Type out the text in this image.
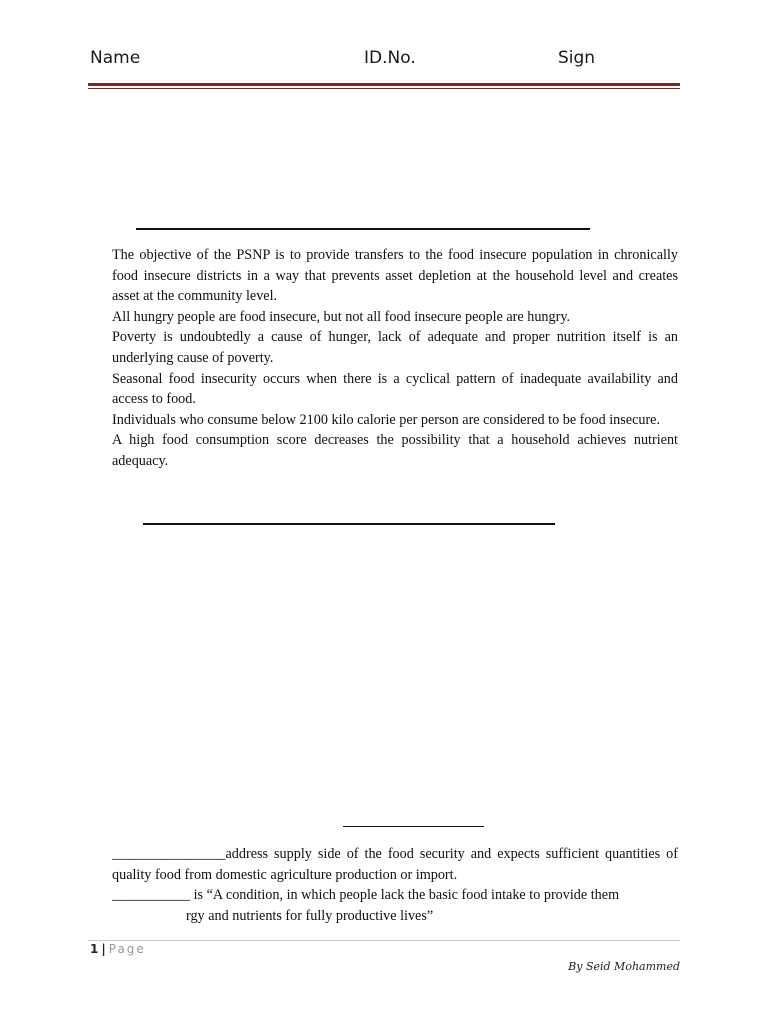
Name	ID.No.	Sign

The objective of the PSNP is to provide transfers to the food insecure population in chronically food insecure districts in a way that prevents asset depletion at the household level and creates asset at the community level.

All hungry people are food insecure, but not all food insecure people are hungry.

Poverty is undoubtedly a cause of hunger, lack of adequate and proper nutrition itself is an underlying cause of poverty.

Seasonal food insecurity occurs when there is a cyclical pattern of inadequate availability and access to food.

Individuals who consume below 2100 kilo calorie per person are considered to be food insecure.

A high food consumption score decreases the possibility that a household achieves nutrient adequacy.

________________address supply side of the food security and expects sufficient quantities of quality food from domestic agriculture production or import.

___________ is “A condition, in which people lack the basic food intake to provide them

rgy and nutrients for fully productive lives”

1 | Page
By Seid Mohammed
